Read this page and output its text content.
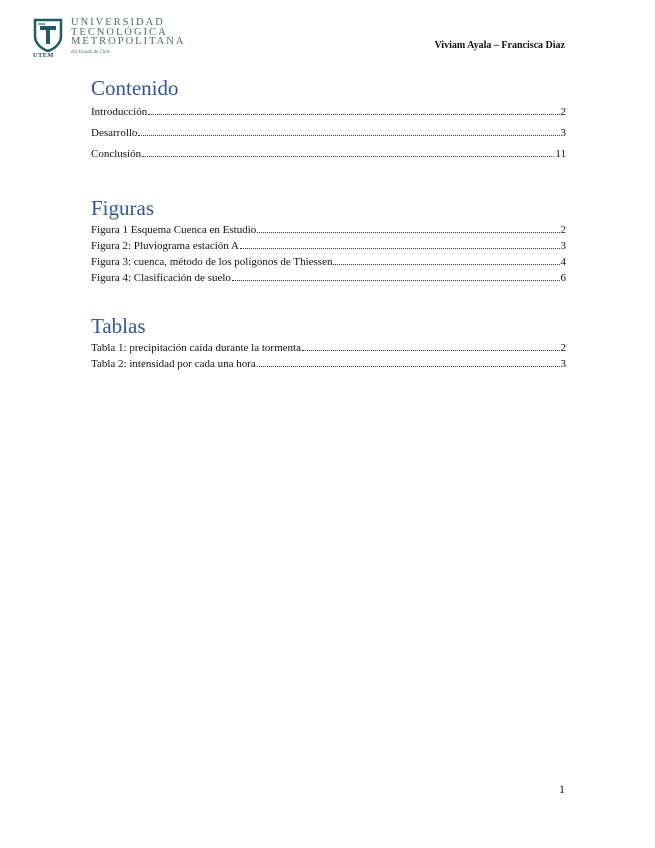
UTEM
UNIVERSIDAD
TECNOLÓGICA
METROPOLITANA
del Estado de Chile
Viviam Ayala – Francisca Diaz
Contenido
Introducción	2
Desarrollo	3
Conclusión	11
Figuras
Figura 1 Esquema Cuenca en Estudio	2
Figura 2: Pluviograma estación A	3
Figura 3: cuenca, método de los polígonos de Thiessen	4
Figura 4: Clasificación de suelo	6
Tablas
Tabla 1: precipitación caída durante la tormenta	2
Tabla 2: intensidad por cada una hora	3
1
